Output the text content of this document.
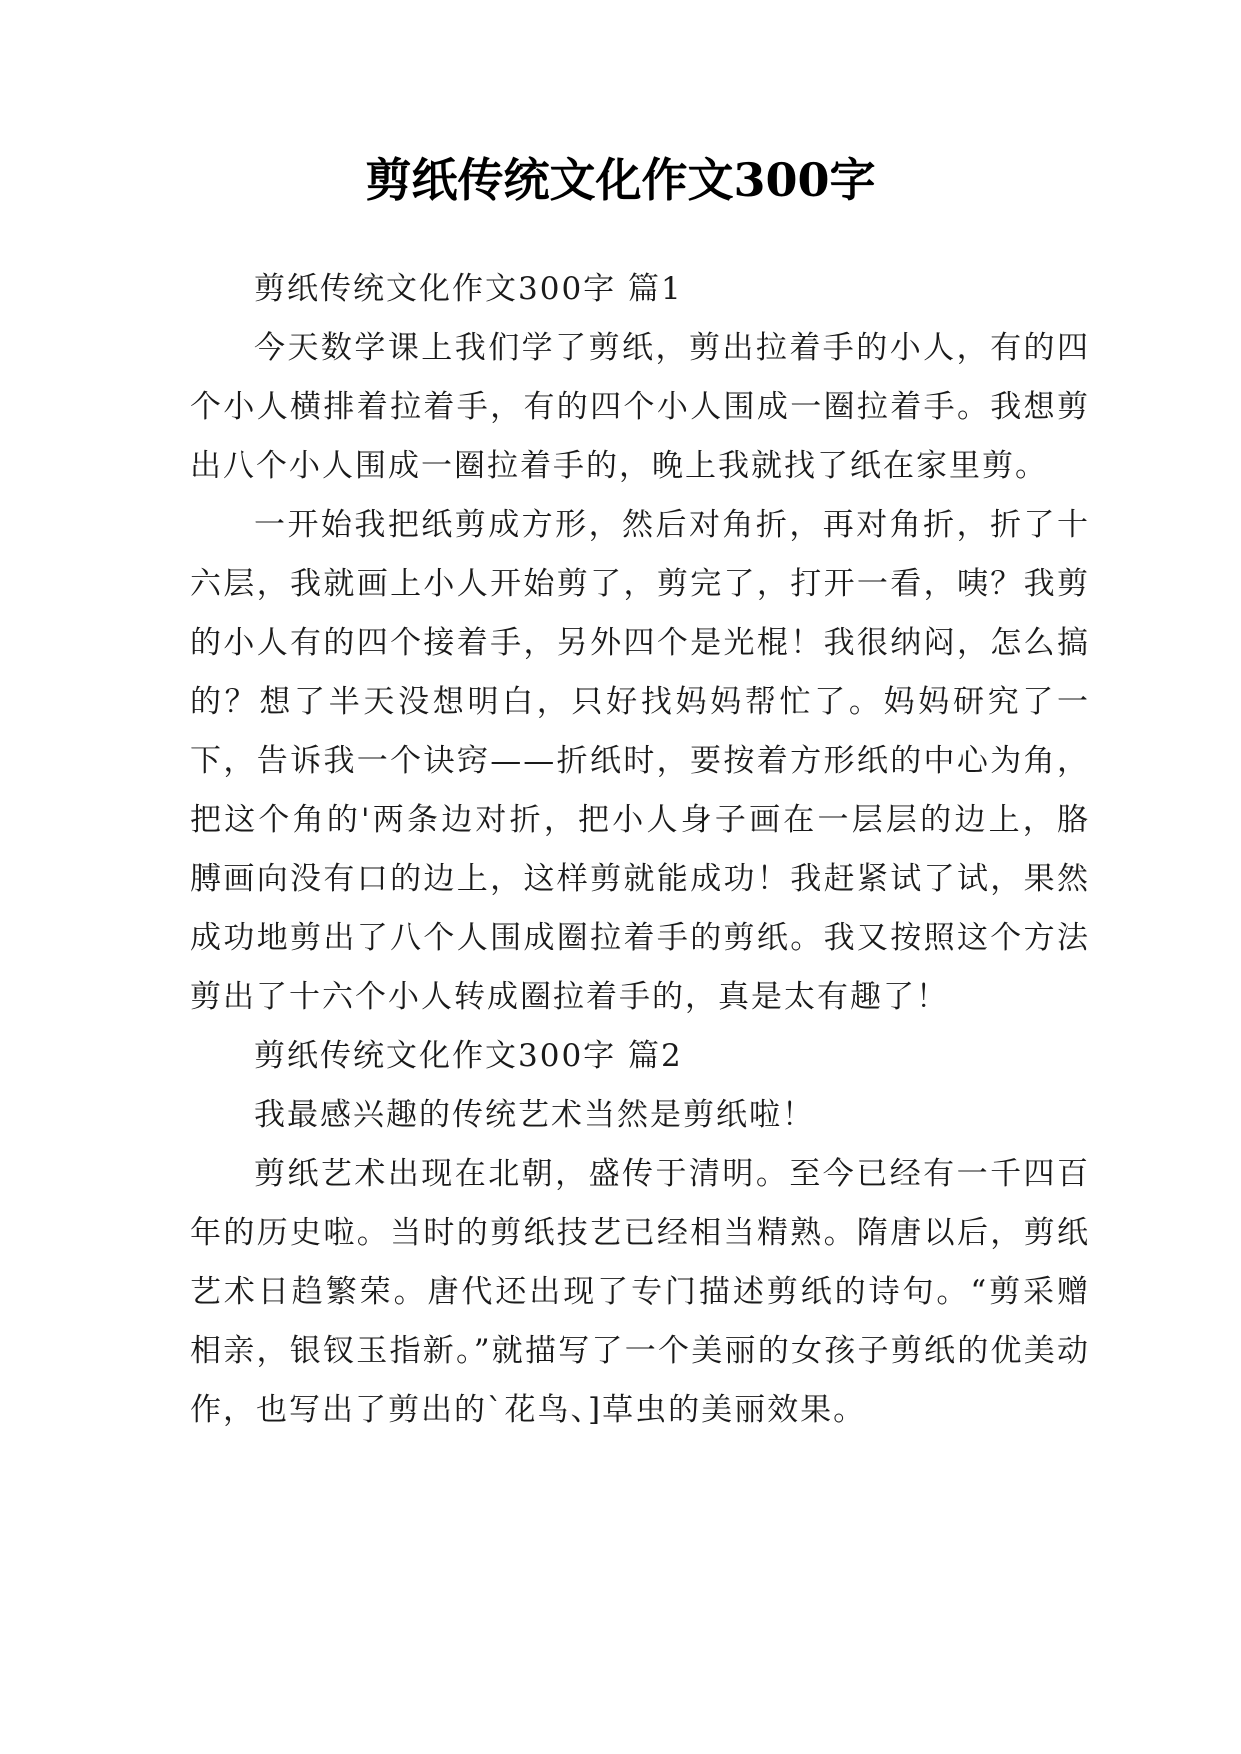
剪纸传统文化作文300字

剪纸传统文化作文300字 篇1

今天数学课上我们学了剪纸，剪出拉着手的小人，有的四个小人横排着拉着手，有的四个小人围成一圈拉着手。我想剪出八个小人围成一圈拉着手的，晚上我就找了纸在家里剪。

一开始我把纸剪成方形，然后对角折，再对角折，折了十六层，我就画上小人开始剪了，剪完了，打开一看，咦？我剪的小人有的四个接着手，另外四个是光棍！我很纳闷，怎么搞的？想了半天没想明白，只好找妈妈帮忙了。妈妈研究了一下，告诉我一个诀窍——折纸时，要按着方形纸的中心为角，把这个角的'两条边对折，把小人身子画在一层层的边上，胳膊画向没有口的边上，这样剪就能成功！我赶紧试了试，果然成功地剪出了八个人围成圈拉着手的剪纸。我又按照这个方法剪出了十六个小人转成圈拉着手的，真是太有趣了！

剪纸传统文化作文300字 篇2

我最感兴趣的传统艺术当然是剪纸啦！

剪纸艺术出现在北朝，盛传于清明。至今已经有一千四百年的历史啦。当时的剪纸技艺已经相当精熟。隋唐以后，剪纸艺术日趋繁荣。唐代还出现了专门描述剪纸的诗句。“剪采赠相亲，银钗玉指新。”就描写了一个美丽的女孩子剪纸的优美动作，也写出了剪出的`花鸟、]草虫的美丽效果。
